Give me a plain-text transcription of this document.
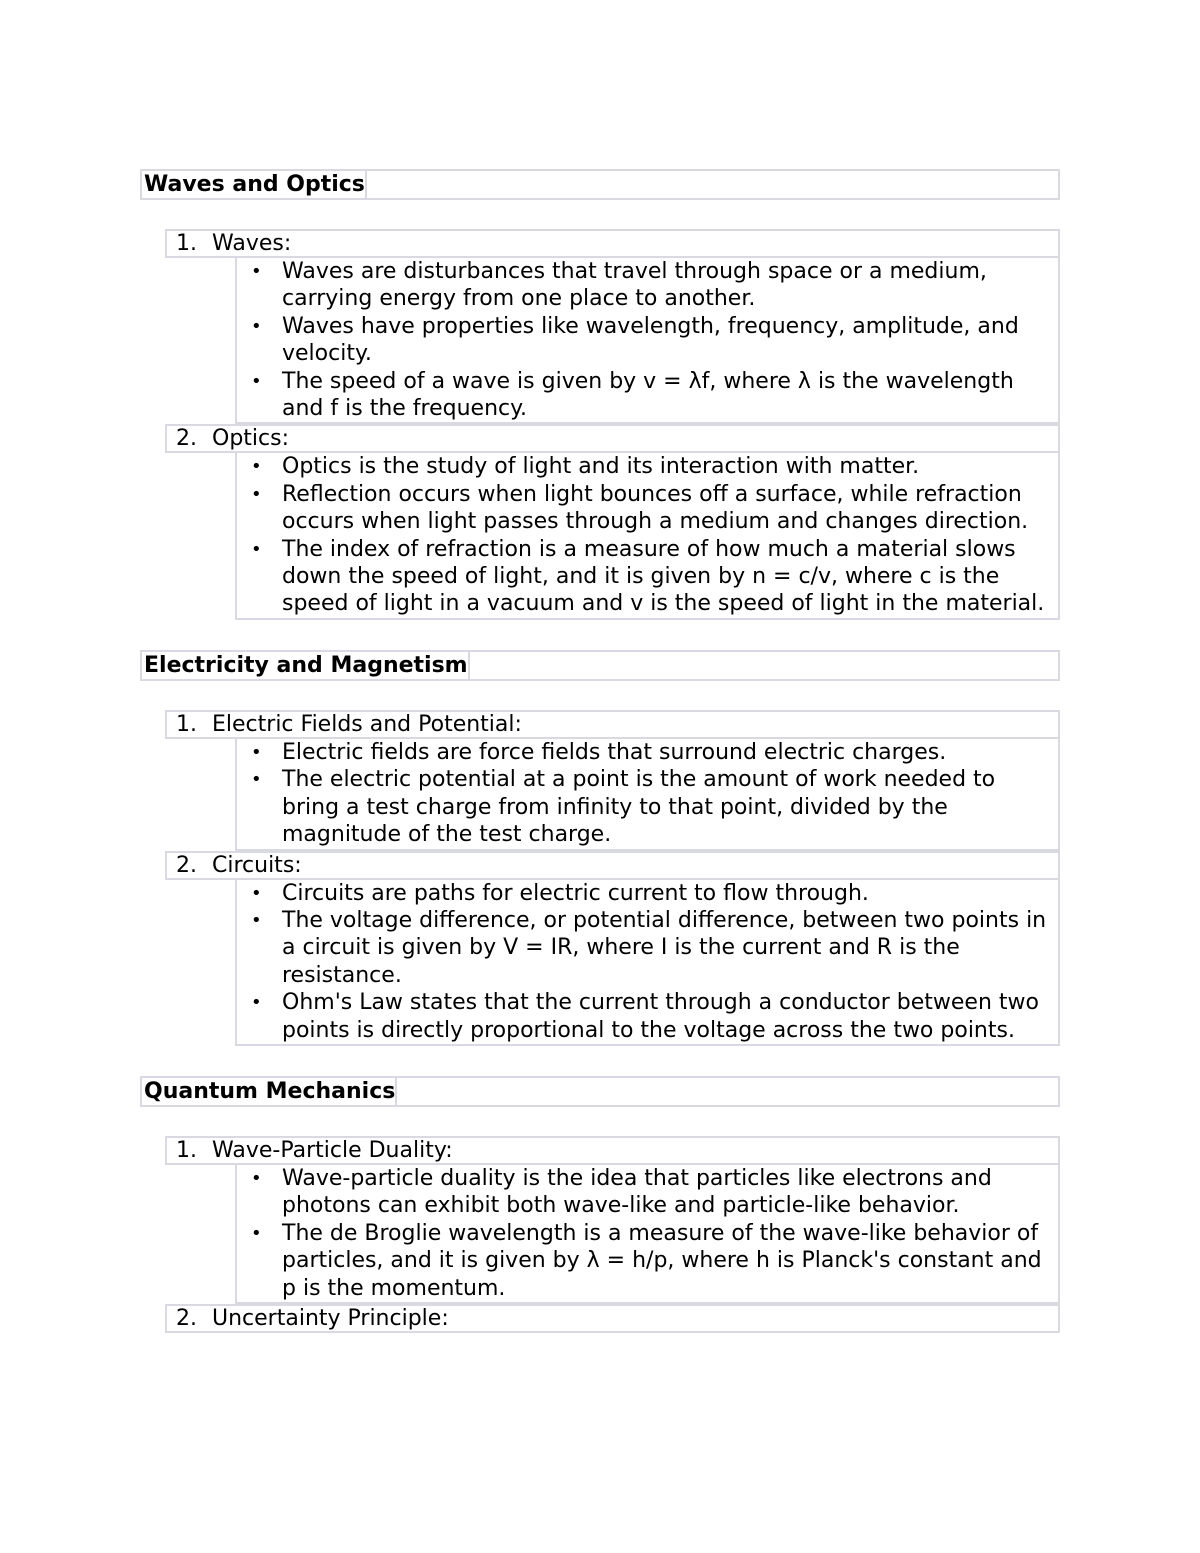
Waves and Optics
1. Waves:
• Waves are disturbances that travel through space or a medium, carrying energy from one place to another.
• Waves have properties like wavelength, frequency, amplitude, and velocity.
• The speed of a wave is given by v = λf, where λ is the wavelength and f is the frequency.
2. Optics:
• Optics is the study of light and its interaction with matter.
• Reflection occurs when light bounces off a surface, while refraction occurs when light passes through a medium and changes direction.
• The index of refraction is a measure of how much a material slows down the speed of light, and it is given by n = c/v, where c is the speed of light in a vacuum and v is the speed of light in the material.
Electricity and Magnetism
1. Electric Fields and Potential:
• Electric fields are force fields that surround electric charges.
• The electric potential at a point is the amount of work needed to bring a test charge from infinity to that point, divided by the magnitude of the test charge.
2. Circuits:
• Circuits are paths for electric current to flow through.
• The voltage difference, or potential difference, between two points in a circuit is given by V = IR, where I is the current and R is the resistance.
• Ohm's Law states that the current through a conductor between two points is directly proportional to the voltage across the two points.
Quantum Mechanics
1. Wave-Particle Duality:
• Wave-particle duality is the idea that particles like electrons and photons can exhibit both wave-like and particle-like behavior.
• The de Broglie wavelength is a measure of the wave-like behavior of particles, and it is given by λ = h/p, where h is Planck's constant and p is the momentum.
2. Uncertainty Principle:
